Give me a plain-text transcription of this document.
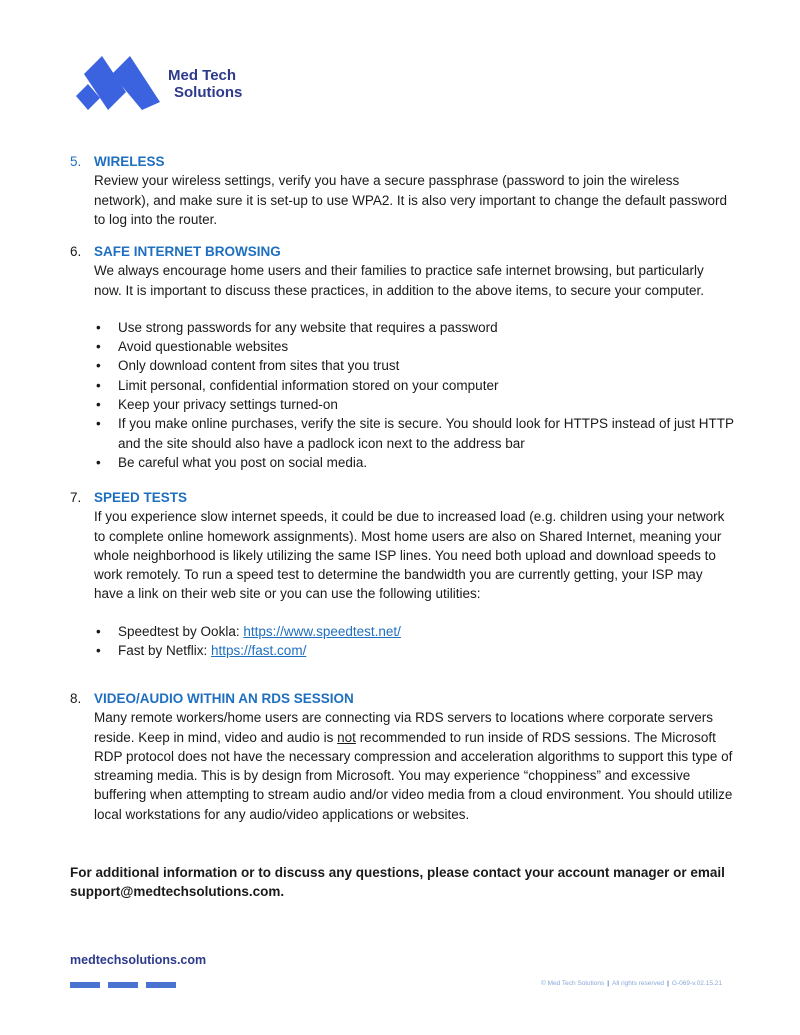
Med Tech
Solutions
5. WIRELESS
Review your wireless settings, verify you have a secure passphrase (password to join the wireless network), and make sure it is set-up to use WPA2. It is also very important to change the default password to log into the router.
6. SAFE INTERNET BROWSING
We always encourage home users and their families to practice safe internet browsing, but particularly now. It is important to discuss these practices, in addition to the above items, to secure your computer.
• Use strong passwords for any website that requires a password
• Avoid questionable websites
• Only download content from sites that you trust
• Limit personal, confidential information stored on your computer
• Keep your privacy settings turned-on
• If you make online purchases, verify the site is secure. You should look for HTTPS instead of just HTTP and the site should also have a padlock icon next to the address bar
• Be careful what you post on social media.
7. SPEED TESTS
If you experience slow internet speeds, it could be due to increased load (e.g. children using your network to complete online homework assignments). Most home users are also on Shared Internet, meaning your whole neighborhood is likely utilizing the same ISP lines. You need both upload and download speeds to work remotely. To run a speed test to determine the bandwidth you are currently getting, your ISP may have a link on their web site or you can use the following utilities:
• Speedtest by Ookla: https://www.speedtest.net/
• Fast by Netflix: https://fast.com/
8. VIDEO/AUDIO WITHIN AN RDS SESSION
Many remote workers/home users are connecting via RDS servers to locations where corporate servers reside. Keep in mind, video and audio is not recommended to run inside of RDS sessions. The Microsoft RDP protocol does not have the necessary compression and acceleration algorithms to support this type of streaming media. This is by design from Microsoft. You may experience “choppiness” and excessive buffering when attempting to stream audio and/or video media from a cloud environment. You should utilize local workstations for any audio/video applications or websites.
For additional information or to discuss any questions, please contact your account manager or email support@medtechsolutions.com.
medtechsolutions.com
© Med Tech Solutions | All rights reserved | G-069-v.02.15.21
